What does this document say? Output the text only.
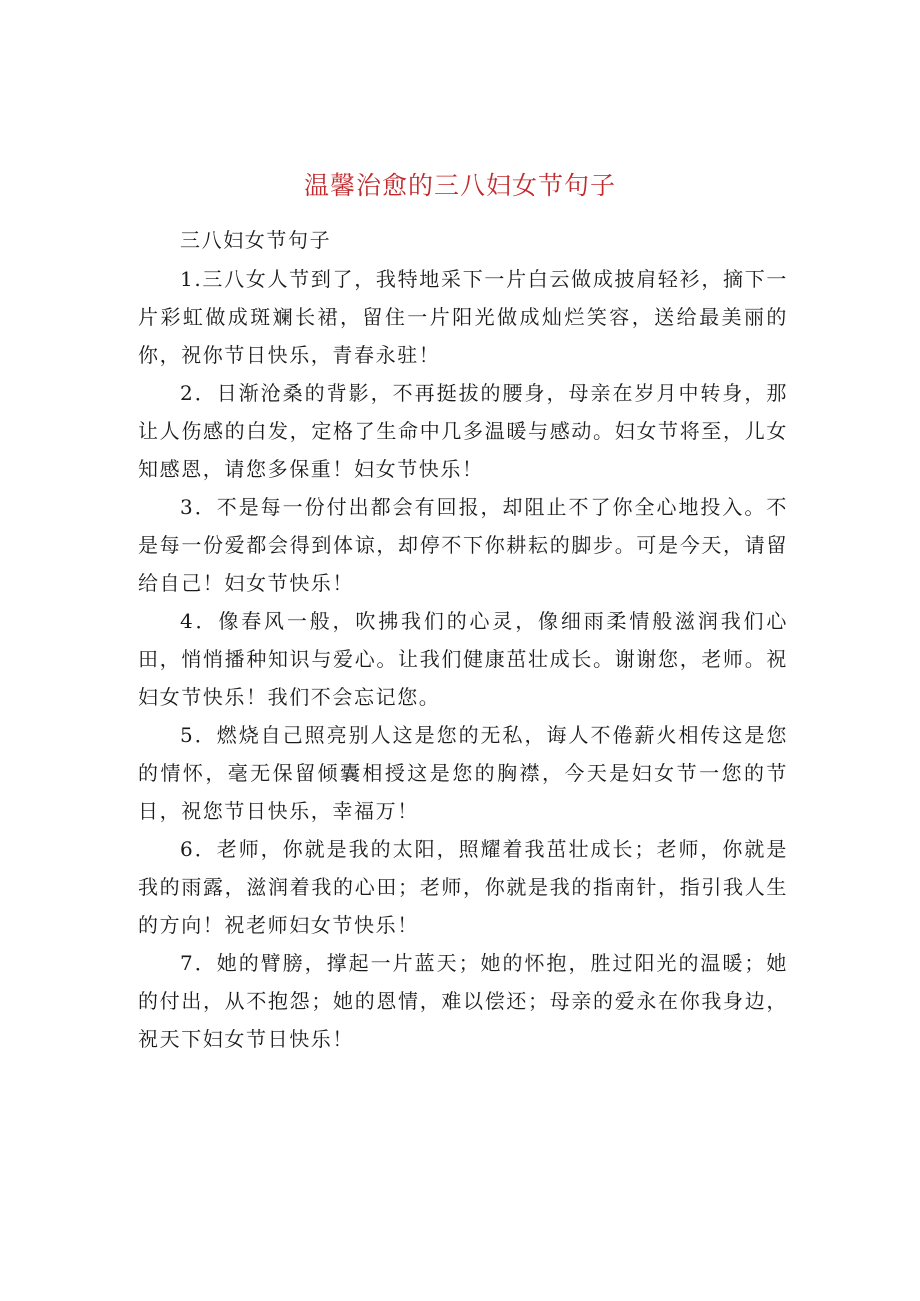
温馨治愈的三八妇女节句子

三八妇女节句子

1.三八女人节到了，我特地采下一片白云做成披肩轻衫，摘下一片彩虹做成斑斓长裙，留住一片阳光做成灿烂笑容，送给最美丽的你，祝你节日快乐，青春永驻！

2．日渐沧桑的背影，不再挺拔的腰身，母亲在岁月中转身，那让人伤感的白发，定格了生命中几多温暖与感动。妇女节将至，儿女知感恩，请您多保重！妇女节快乐！

3．不是每一份付出都会有回报，却阻止不了你全心地投入。不是每一份爱都会得到体谅，却停不下你耕耘的脚步。可是今天，请留给自己！妇女节快乐！

4．像春风一般，吹拂我们的心灵，像细雨柔情般滋润我们心田，悄悄播种知识与爱心。让我们健康茁壮成长。谢谢您，老师。祝妇女节快乐！我们不会忘记您。

5．燃烧自己照亮别人这是您的无私，诲人不倦薪火相传这是您的情怀，毫无保留倾囊相授这是您的胸襟，今天是妇女节一您的节日，祝您节日快乐，幸福万！

6．老师，你就是我的太阳，照耀着我茁壮成长；老师，你就是我的雨露，滋润着我的心田；老师，你就是我的指南针，指引我人生的方向！祝老师妇女节快乐！

7．她的臂膀，撑起一片蓝天；她的怀抱，胜过阳光的温暖；她的付出，从不抱怨；她的恩情，难以偿还；母亲的爱永在你我身边，祝天下妇女节日快乐！
